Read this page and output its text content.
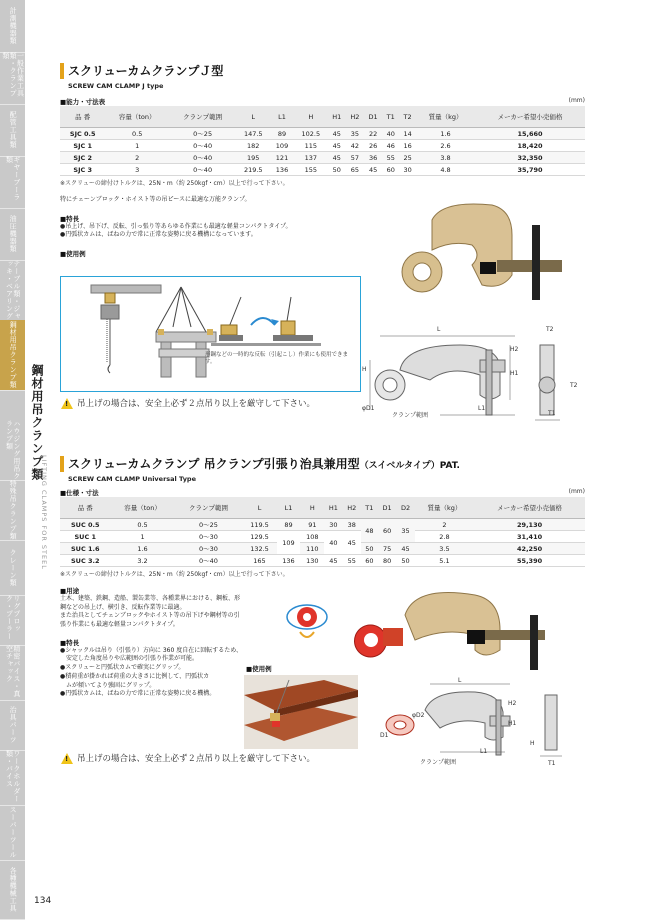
計測機器類
一般作業工具類・クランプ類
配管工具類
ギヤーブーラ類
油圧機器類
テーブル類・ジャッキ・ベアリング
鋼材用吊クランプ類
ハウジング用吊クランプ類
特殊吊クランプ類
クレーン類
リグプロック・プーラー
精密バイス・真空チャック
治具パーツ
ワークホルダー類・バイス
スーパーツール
各種機械工具
鋼材用吊クランプ類
LIFTING CLAMPS FOR STEEL
134
スクリューカムクランプＪ型
SCREW CAM CLAMP J type
■能力・寸法表	(mm)
品 番	容量（ton）	クランプ範囲	L	L1	H	H1	H2	D1	T1	T2	質量（kg）	メーカー希望小売価格
SJC 0.5	0.5	0～25	147.5	89	102.5	45	35	22	40	14	1.6	15,660
SJC 1	1	0～40	182	109	115	45	42	26	46	16	2.6	18,420
SJC 2	2	0～40	195	121	137	45	57	36	55	25	3.8	32,350
SJC 3	3	0～40	219.5	136	155	50	65	45	60	30	4.8	35,790
※スクリューの締付けトルクは、25N・m（約 250kgf・cm）以上で行って下さい。
特にチェーンブロック・ホイスト等の吊ピースに最適な万能クランプ。
■特長
●吊上げ、吊下げ、反転、引っ張り等あらゆる作業にも最適な軽量コンパクトタイプ。
●円弧状カムは、ばねの力で常に正常な姿勢に戻る機構になっています。
■使用例
形鋼などの一時的な反転（引起こし）作業にも使用できます。
L
H
H2
H1
φD1
クランプ範囲
L1
T2
T2
T1
! 吊上げの場合は、安全上必ず２点吊り以上を厳守して下さい。
スクリューカムクランプ 吊クランプ引張り治具兼用型（スイベルタイプ）PAT.
SCREW CAM CLAMP Universal Type
■仕様・寸法	(mm)
品 番	容量（ton）	クランプ範囲	L	L1	H	H1	H2	T1	D1	D2	質量（kg）	メーカー希望小売価格
SUC 0.5	0.5	0～25	119.5	89	91	30	38	48	60	35	2	29,130
SUC 1	1	0～30	129.5	109	108	40	45				2.8	31,410
SUC 1.6	1.6	0～30	132.5		110			50	75	45	3.5	42,250
SUC 3.2	3.2	0～40	165	136	130	45	55	60	80	50	5.1	55,390
※スクリューの締付けトルクは、25N・m（約 250kgf・cm）以上で行って下さい。
■用途
土木、建築、鉄鋼、造船、製缶業等、各種業界における、鋼板、形
鋼などの吊上げ、横引き、反転作業等に最適。
また治具としてチェンブロックやホイスト等の吊下げや鋼材等の引
張り作業にも最適な軽量コンパクトタイプ。
■特長
●シャックルは吊り（引張り）方向に 360 度自在に回転するため、
　安定した角度吊りや広範囲の引張り作業が可能。
●スクリューと円弧状カムで確実にグリップ。
●積荷重が掛かれば荷重の大きさに比例して、円弧状カ
　ムが傾いてより強固にグリップ。
●円弧状カムは、ばねの力で常に正常な姿勢に戻る機構。
■使用例
L
φD2
D1
H2
H1
H
クランプ範囲
L1
T1
! 吊上げの場合は、安全上必ず２点吊り以上を厳守して下さい。
